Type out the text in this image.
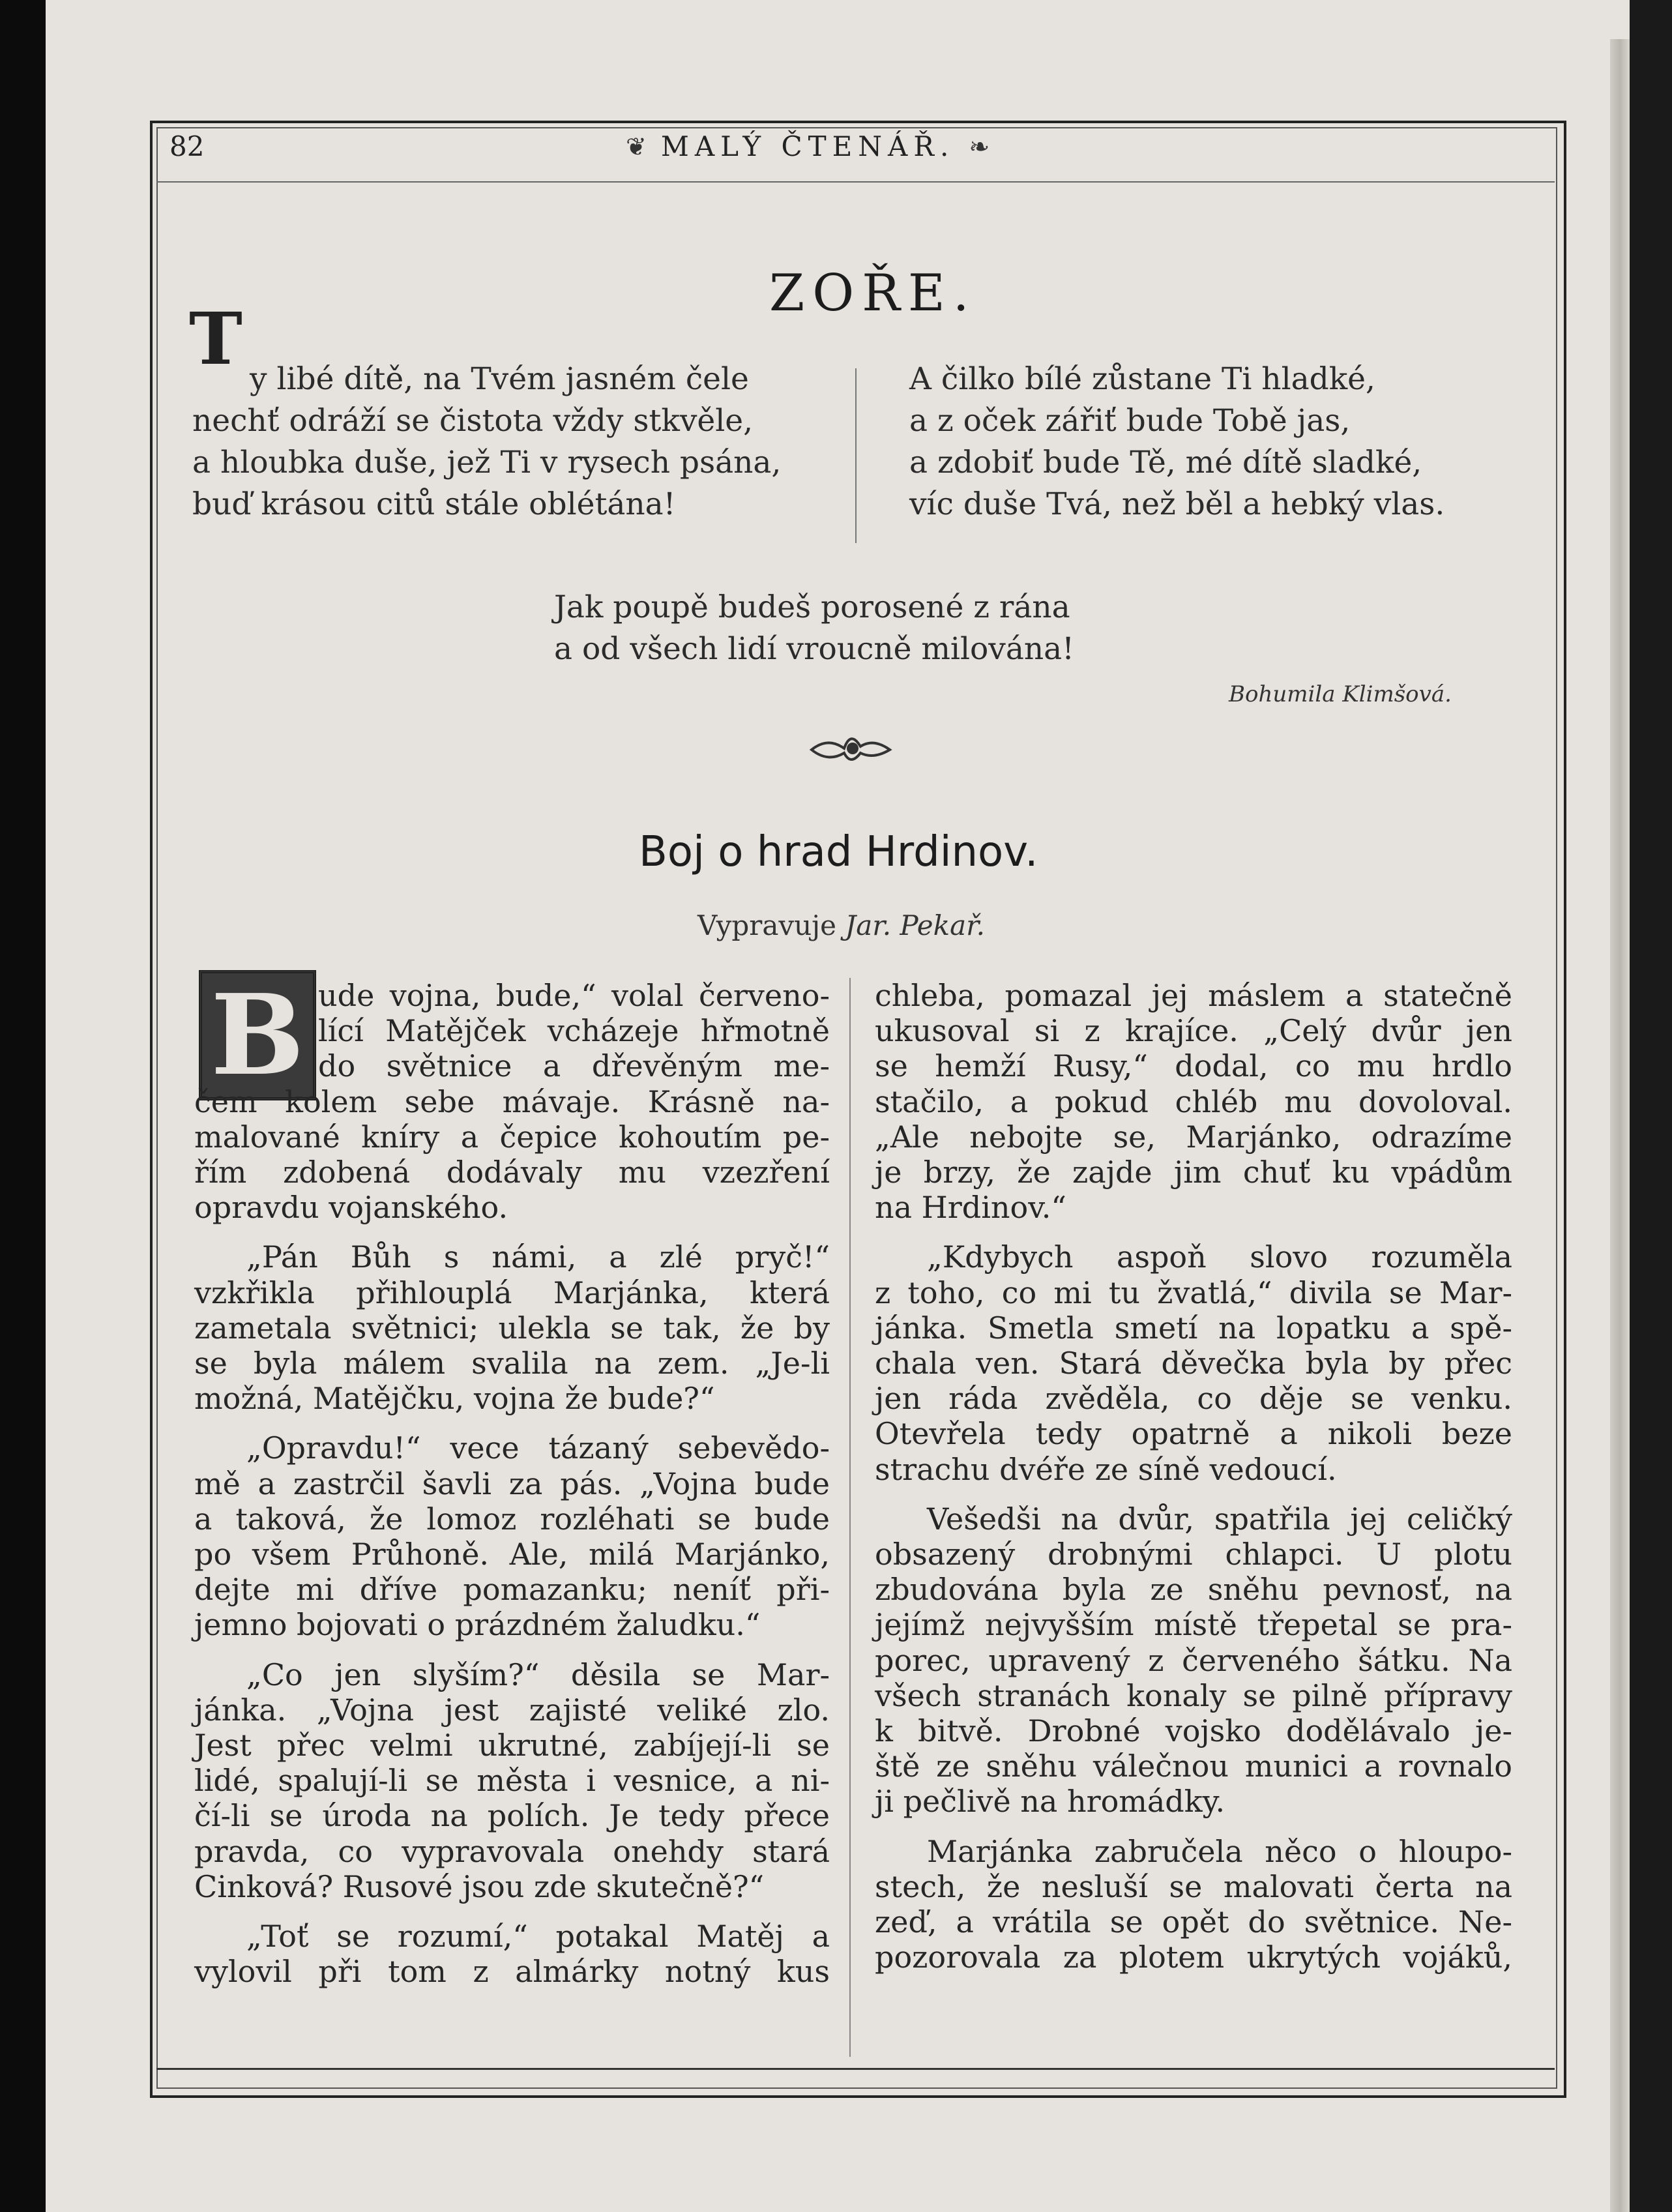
82	❦ MALÝ ČTENÁŘ. ❧
ZOŘE.
T y libé dítě, na Tvém jasném čele
nechť odráží se čistota vždy stkvěle,
a hloubka duše, jež Ti v rysech psána,
buď krásou citů stále oblétána!
A čilko bílé zůstane Ti hladké,
a z oček zářiť bude Tobě jas,
a zdobiť bude Tě, mé dítě sladké,
víc duše Tvá, než běl a hebký vlas.
Jak poupě budeš porosené z rána
a od všech lidí vroucně milována!
Bohumila Klimšová.
Boj o hrad Hrdinov.
Vypravuje Jar. Pekař.
B ude vojna, bude,“ volal červeno-
lící Matějček vcházeje hřmotně
do světnice a dřevěným me-
čem kolem sebe mávaje. Krásně na-
malované kníry a čepice kohoutím pe-
řím zdobená dodávaly mu vzezření
opravdu vojanského.
„Pán Bůh s námi, a zlé pryč!“
vzkřikla přihlouplá Marjánka, která
zametala světnici; ulekla se tak, že by
se byla málem svalila na zem. „Je-li
možná, Matějčku, vojna že bude?“
„Opravdu!“ vece tázaný sebevědo-
mě a zastrčil šavli za pás. „Vojna bude
a taková, že lomoz rozléhati se bude
po všem Průhoně. Ale, milá Marjánko,
dejte mi dříve pomazanku; neníť při-
jemno bojovati o prázdném žaludku.“
„Co jen slyším?“ děsila se Mar-
jánka. „Vojna jest zajisté veliké zlo.
Jest přec velmi ukrutné, zabíjejí-li se
lidé, spalují-li se města i vesnice, a ni-
čí-li se úroda na polích. Je tedy přece
pravda, co vypravovala onehdy stará
Cinková? Rusové jsou zde skutečně?“
„Toť se rozumí,“ potakal Matěj a
vylovil při tom z almárky notný kus
chleba, pomazal jej máslem a statečně
ukusoval si z krajíce. „Celý dvůr jen
se hemží Rusy,“ dodal, co mu hrdlo
stačilo, a pokud chléb mu dovoloval.
„Ale nebojte se, Marjánko, odrazíme
je brzy, že zajde jim chuť ku vpádům
na Hrdinov.“
„Kdybych aspoň slovo rozuměla
z toho, co mi tu žvatlá,“ divila se Mar-
jánka. Smetla smetí na lopatku a spě-
chala ven. Stará děvečka byla by přec
jen ráda zvěděla, co děje se venku.
Otevřela tedy opatrně a nikoli beze
strachu dvéře ze síně vedoucí.
Vešedši na dvůr, spatřila jej celičký
obsazený drobnými chlapci. U plotu
zbudována byla ze sněhu pevnosť, na
jejímž nejvyšším místě třepetal se pra-
porec, upravený z červeného šátku. Na
všech stranách konaly se pilně přípravy
k bitvě. Drobné vojsko dodělávalo je-
ště ze sněhu válečnou munici a rovnalo
ji pečlivě na hromádky.
Marjánka zabručela něco o hloupo-
stech, že nesluší se malovati čerta na
zeď, a vrátila se opět do světnice. Ne-
pozorovala za plotem ukrytých vojáků,
